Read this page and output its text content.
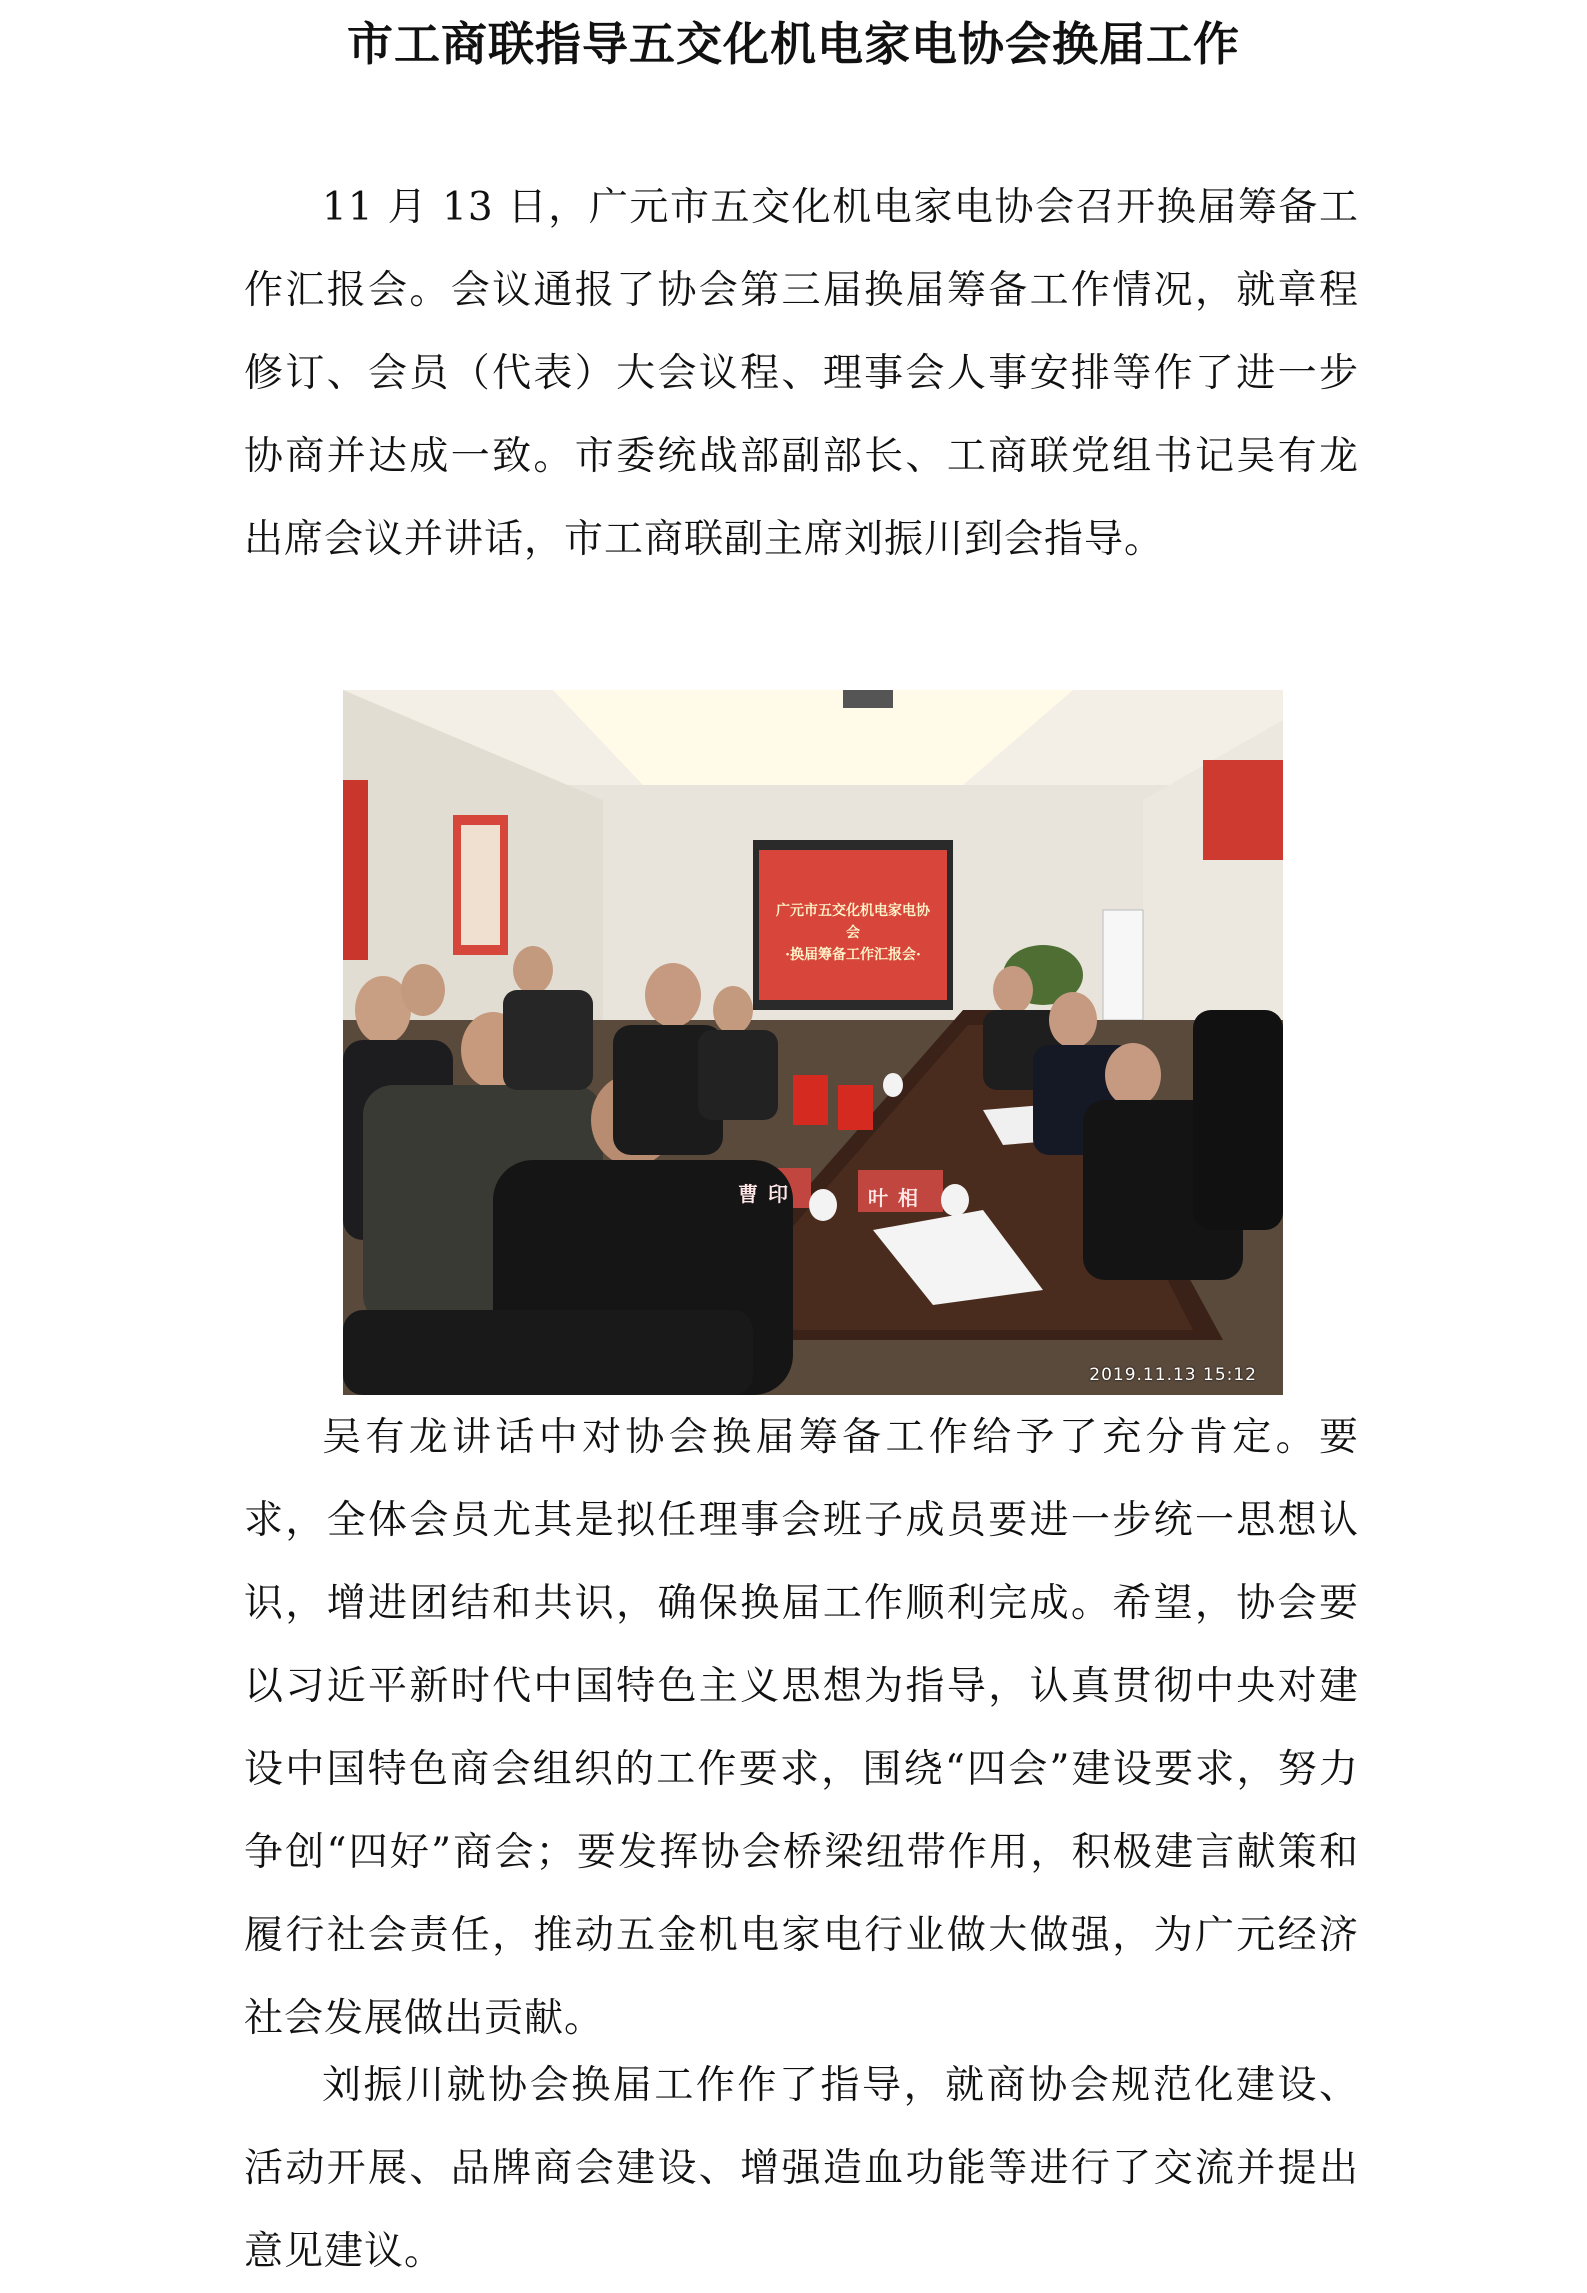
市工商联指导五交化机电家电协会换届工作

11 月 13 日，广元市五交化机电家电协会召开换届筹备工作汇报会。会议通报了协会第三届换届筹备工作情况，就章程修订、会员（代表）大会议程、理事会人事安排等作了进一步协商并达成一致。市委统战部副部长、工商联党组书记吴有龙出席会议并讲话，市工商联副主席刘振川到会指导。

广元市五交化机电家电协会
·换届筹备工作汇报会·
曹印	叶相
2019.11.13 15:12

吴有龙讲话中对协会换届筹备工作给予了充分肯定。要求，全体会员尤其是拟任理事会班子成员要进一步统一思想认识，增进团结和共识，确保换届工作顺利完成。希望，协会要以习近平新时代中国特色主义思想为指导，认真贯彻中央对建设中国特色商会组织的工作要求，围绕“四会”建设要求，努力争创“四好”商会；要发挥协会桥梁纽带作用，积极建言献策和履行社会责任，推动五金机电家电行业做大做强，为广元经济社会发展做出贡献。

刘振川就协会换届工作作了指导，就商协会规范化建设、活动开展、品牌商会建设、增强造血功能等进行了交流并提出意见建议。
